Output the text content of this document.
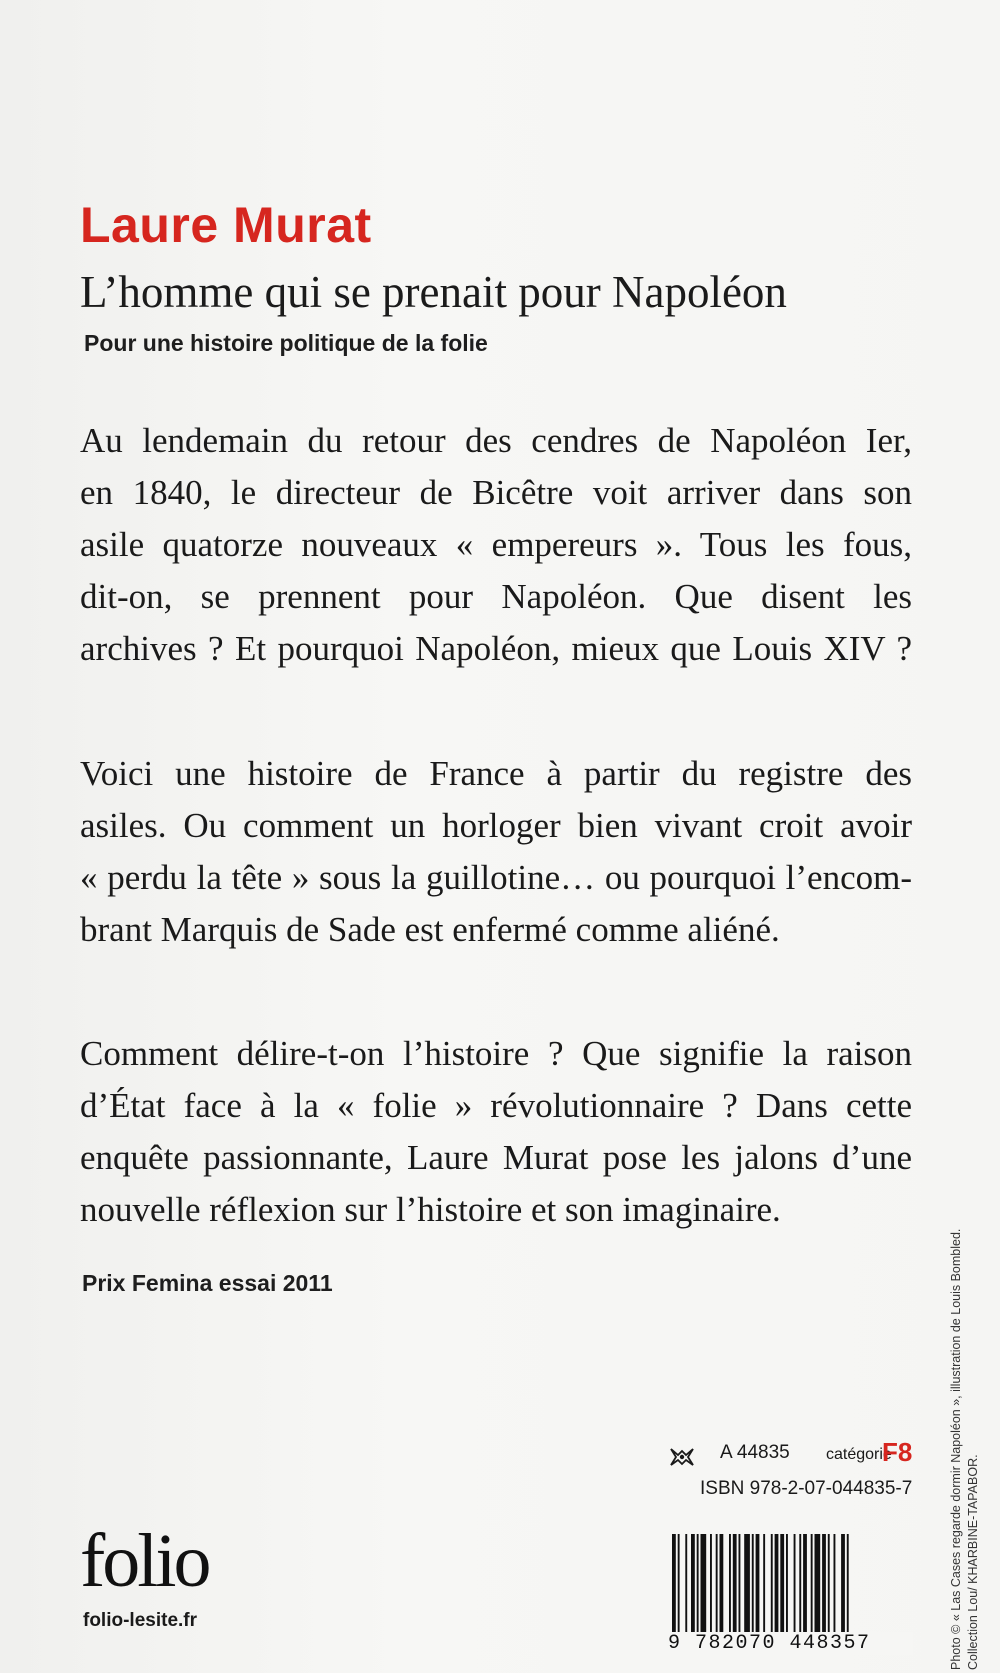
Laure Murat
L’homme qui se prenait pour Napoléon
Pour une histoire politique de la folie
Au lendemain du retour des cendres de Napoléon Ier,
en 1840, le directeur de Bicêtre voit arriver dans son
asile quatorze nouveaux « empereurs ». Tous les fous,
dit-on, se prennent pour Napoléon. Que disent les
archives ? Et pourquoi Napoléon, mieux que Louis XIV ?
Voici une histoire de France à partir du registre des
asiles. Ou comment un horloger bien vivant croit avoir
« perdu la tête » sous la guillotine… ou pourquoi l’encom-
brant Marquis de Sade est enfermé comme aliéné.
Comment délire-t-on l’histoire ? Que signifie la raison
d’État face à la « folie » révolutionnaire ? Dans cette
enquête passionnante, Laure Murat pose les jalons d’une
nouvelle réflexion sur l’histoire et son imaginaire.
Prix Femina essai 2011
folio
folio-lesite.fr
A 44835 catégorie
F8
ISBN 978-2-07-044835-7
9 782070 448357	Photo © « Las Cases regarde dormir Napoléon », illustration de Louis Bombled. Collection Lou/ KHARBINE-TAPABOR.
